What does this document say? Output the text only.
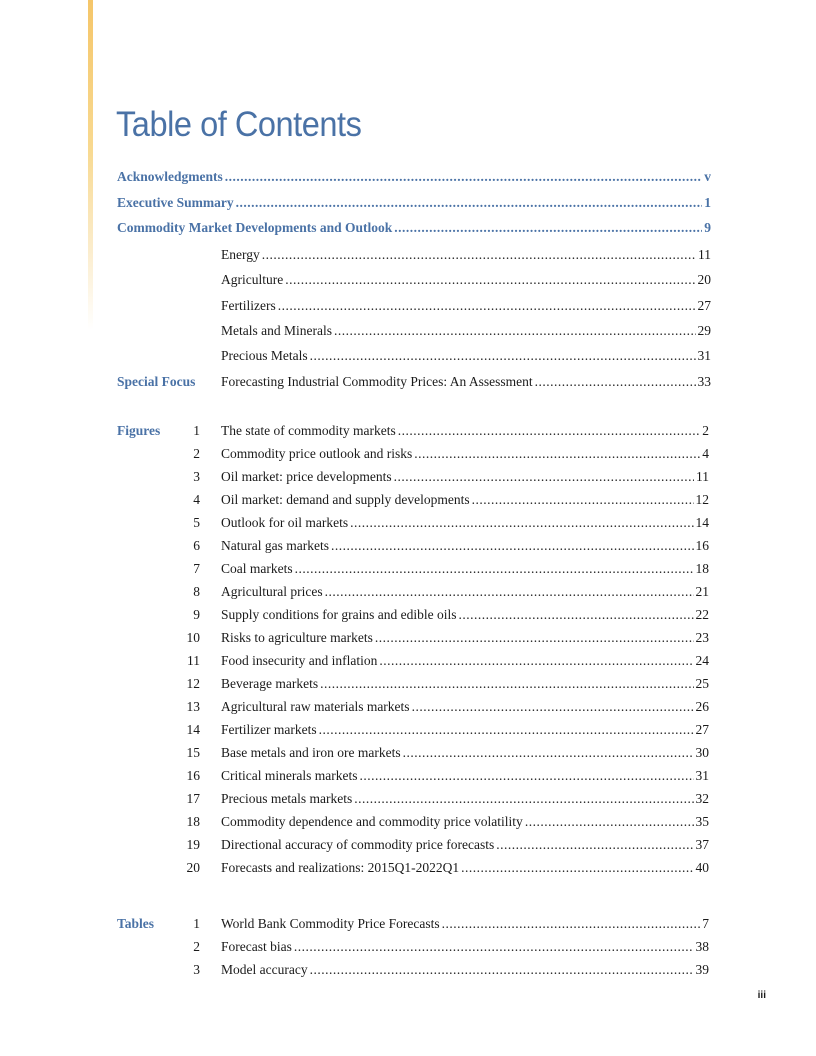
Table of Contents
Acknowledgments .....	v
Executive Summary .....	1
Commodity Market Developments and Outlook .....	9
Energy .....	11
Agriculture .....	20
Fertilizers .....	27
Metals and Minerals .....	29
Precious Metals .....	31
Special Focus	Forecasting Industrial Commodity Prices: An Assessment .....	33
Figures	1 The state of commodity markets .....	2
2 Commodity price outlook and risks .....	4
3 Oil market: price developments .....	11
4 Oil market: demand and supply developments .....	12
5 Outlook for oil markets .....	14
6 Natural gas markets .....	16
7 Coal markets .....	18
8 Agricultural prices .....	21
9 Supply conditions for grains and edible oils .....	22
10 Risks to agriculture markets .....	23
11 Food insecurity and inflation .....	24
12 Beverage markets .....	25
13 Agricultural raw materials markets .....	26
14 Fertilizer markets .....	27
15 Base metals and iron ore markets .....	30
16 Critical minerals markets .....	31
17 Precious metals markets .....	32
18 Commodity dependence and commodity price volatility .....	35
19 Directional accuracy of commodity price forecasts .....	37
20 Forecasts and realizations: 2015Q1-2022Q1 .....	40
Tables	1 World Bank Commodity Price Forecasts .....	7
2 Forecast bias .....	38
3 Model accuracy .....	39
iii
